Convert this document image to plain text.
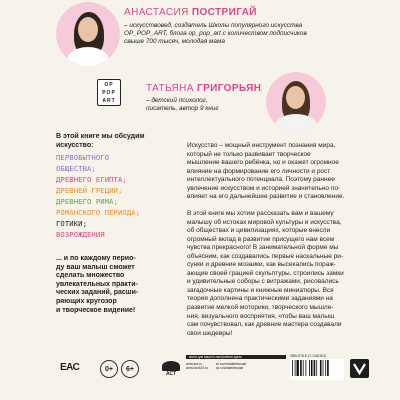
АНАСТАСИЯ ПОСТРИГАЙ
– искусствовед, создатель Школы популярного искусства
OP_POP_ART, блога op_pop_art с количеством подписчиков
свыше 700 тысяч, молодая мама
OP
POP
ART
ТАТЬЯНА ГРИГОРЬЯН
– детский психолог,
писатель, автор 9 книг
В этой книге мы обсудим
искусство:
ПЕРВОБЫТНОГО
ОБЩЕСТВА;
ДРЕВНЕГО ЕГИПТА;
ДРЕВНЕЙ ГРЕЦИИ;
ДРЕВНЕГО РИМА;
РОМАНСКОГО ПЕРИОДА;
ГОТИКИ;
ВОЗРОЖДЕНИЯ
... и по каждому перио-
ду ваш малыш сможет
сделать множество
увлекательных практи-
ческих заданий, расши-
ряющих кругозор
и творческое видение!
Искусство – мощный инструмент познания мира,
который не только развивает творческое
мышление вашего ребёнка, но и окажет огромное
влияние на формирование его личности и рост
интеллектуального потенциала. Поэтому раннее
увлечение искусством и историей значительно по-
влияет на его дальнейшее развитие и становление.
В этой книге мы хотим рассказать вам и вашему
малышу об истоках мировой культуры и искусства,
об обществах и цивилизациях, которые внесли
огромный вклад в развитие присущего нам всем
чувства прекрасного! В занимательной форме мы
объясним, как создавались первые наскальные ри-
сунки и древние мозаики, как высекались пораж-
ающие своей грацией скульптуры, строились замки
и удивительные соборы с витражами, рисовались
загадочные картины и книжные миниатюры. Вся
теория дополнена практическими заданиями на
развитие мелкой моторики, творческого мышле-
ния, визуального восприятия, чтобы ваш малыш
сам почувствовал, как древние мастера создавали
свои шедевры!
ЕАС	0+	6+
АСТ
книги для вашего настроения здесь
www.ast.ru
www.book24.ru
vk.com/izdatelstvoast
ok.ru/izdatelstvoast
ISBN 978-5-17-134018-8
